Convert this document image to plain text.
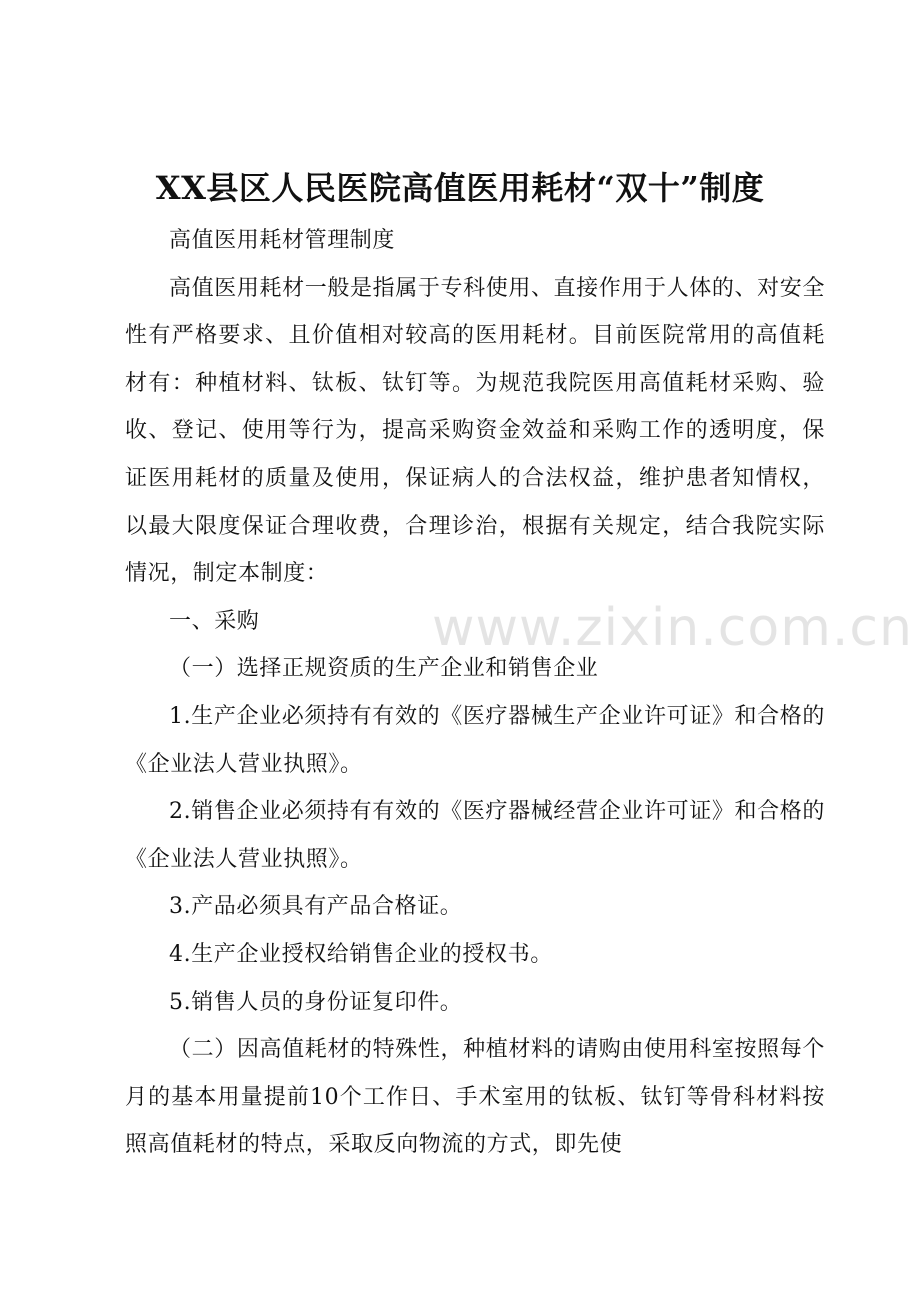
XX县区人民医院高值医用耗材“双十”制度

高值医用耗材管理制度

高值医用耗材一般是指属于专科使用、直接作用于人体的、对安全性有严格要求、且价值相对较高的医用耗材。目前医院常用的高值耗材有：种植材料、钛板、钛钉等。为规范我院医用高值耗材采购、验收、登记、使用等行为，提高采购资金效益和采购工作的透明度，保证医用耗材的质量及使用，保证病人的合法权益，维护患者知情权，以最大限度保证合理收费，合理诊治，根据有关规定，结合我院实际情况，制定本制度：

一、采购

（一）选择正规资质的生产企业和销售企业

1.生产企业必须持有有效的《医疗器械生产企业许可证》和合格的《企业法人营业执照》。

2.销售企业必须持有有效的《医疗器械经营企业许可证》和合格的《企业法人营业执照》。

3.产品必须具有产品合格证。

4.生产企业授权给销售企业的授权书。

5.销售人员的身份证复印件。

（二）因高值耗材的特殊性，种植材料的请购由使用科室按照每个月的基本用量提前10个工作日、手术室用的钛板、钛钉等骨科材料按照高值耗材的特点，采取反向物流的方式，即先使

www.zixin.com.cn
